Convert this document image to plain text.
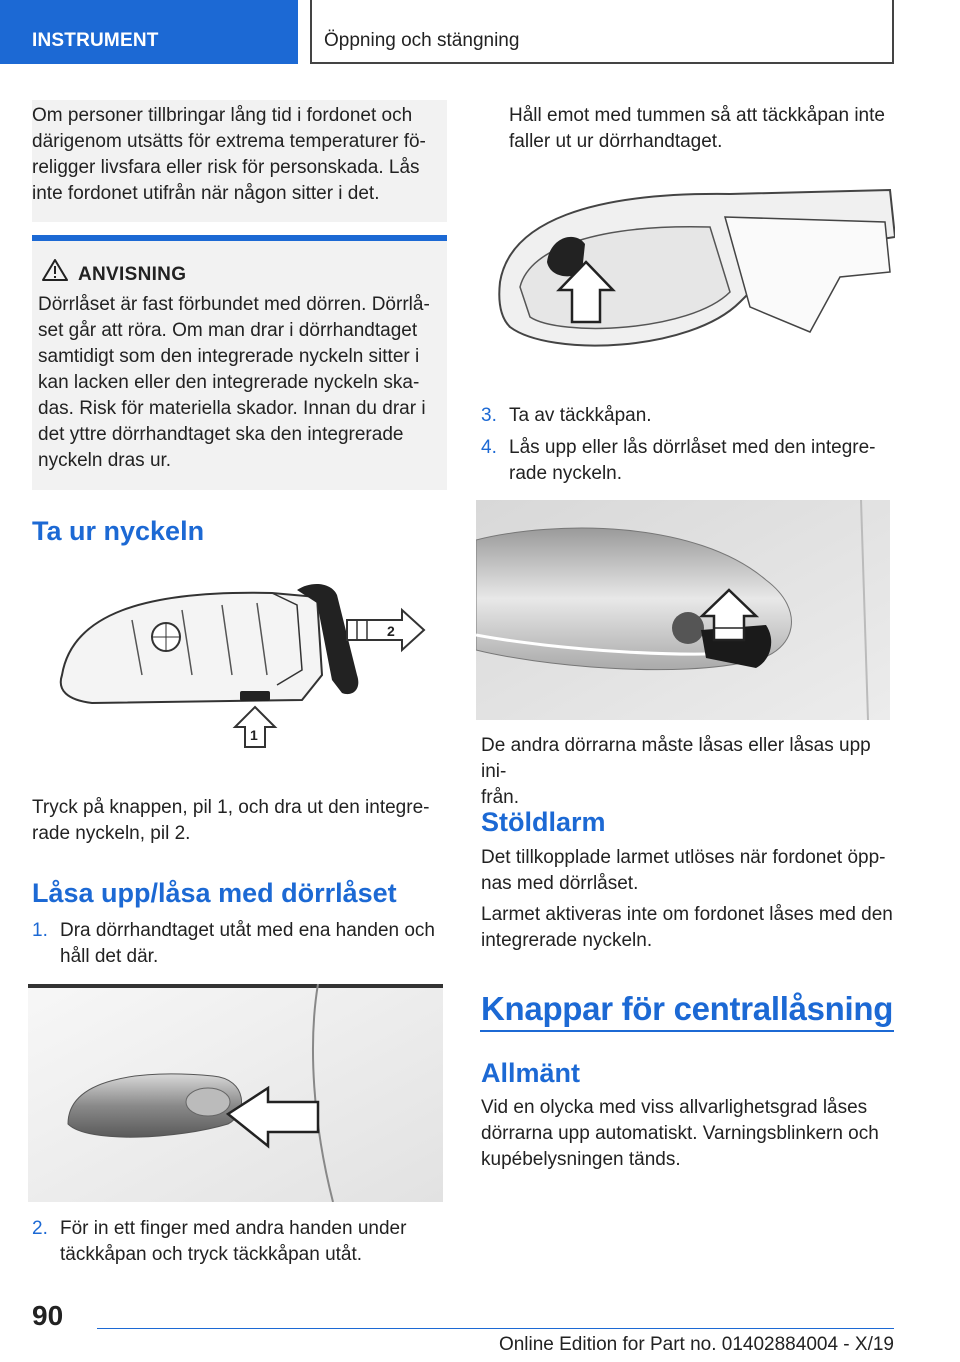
INSTRUMENT	Öppning och stängning

Om personer tillbringar lång tid i fordonet och

därigenom utsätts för extrema temperaturer fö-

religger livsfara eller risk för personskada. Lås

inte fordonet utifrån när någon sitter i det.

ANVISNING

Dörrlåset är fast förbundet med dörren. Dörrlå-

set går att röra. Om man drar i dörrhandtaget

samtidigt som den integrerade nyckeln sitter i

kan lacken eller den integrerade nyckeln ska-

das. Risk för materiella skador. Innan du drar i

det yttre dörrhandtaget ska den integrerade

nyckeln dras ur.

Ta ur nyckeln
1
2

Tryck på knappen, pil 1, och dra ut den integre-

rade nyckeln, pil 2.

Låsa upp/låsa med dörrlåset
1. Dra dörrhandtaget utåt med ena handen och
håll det där.
2. För in ett finger med andra handen under
täckkåpan och tryck täckkåpan utåt.

Håll emot med tummen så att täckkåpan inte

faller ut ur dörrhandtaget.

3. Ta av täckkåpan.
4. Lås upp eller lås dörrlåset med den integre-
rade nyckeln.

De andra dörrarna måste låsas eller låsas upp ini-

från.

Stöldlarm

Det tillkopplade larmet utlöses när fordonet öpp-

nas med dörrlåset.

Larmet aktiveras inte om fordonet låses med den

integrerade nyckeln.

Knappar för centrallåsning
Allmänt

Vid en olycka med viss allvarlighetsgrad låses

dörrarna upp automatiskt. Varningsblinkern och

kupébelysningen tänds.

90
Online Edition for Part no. 01402884004 - X/19
